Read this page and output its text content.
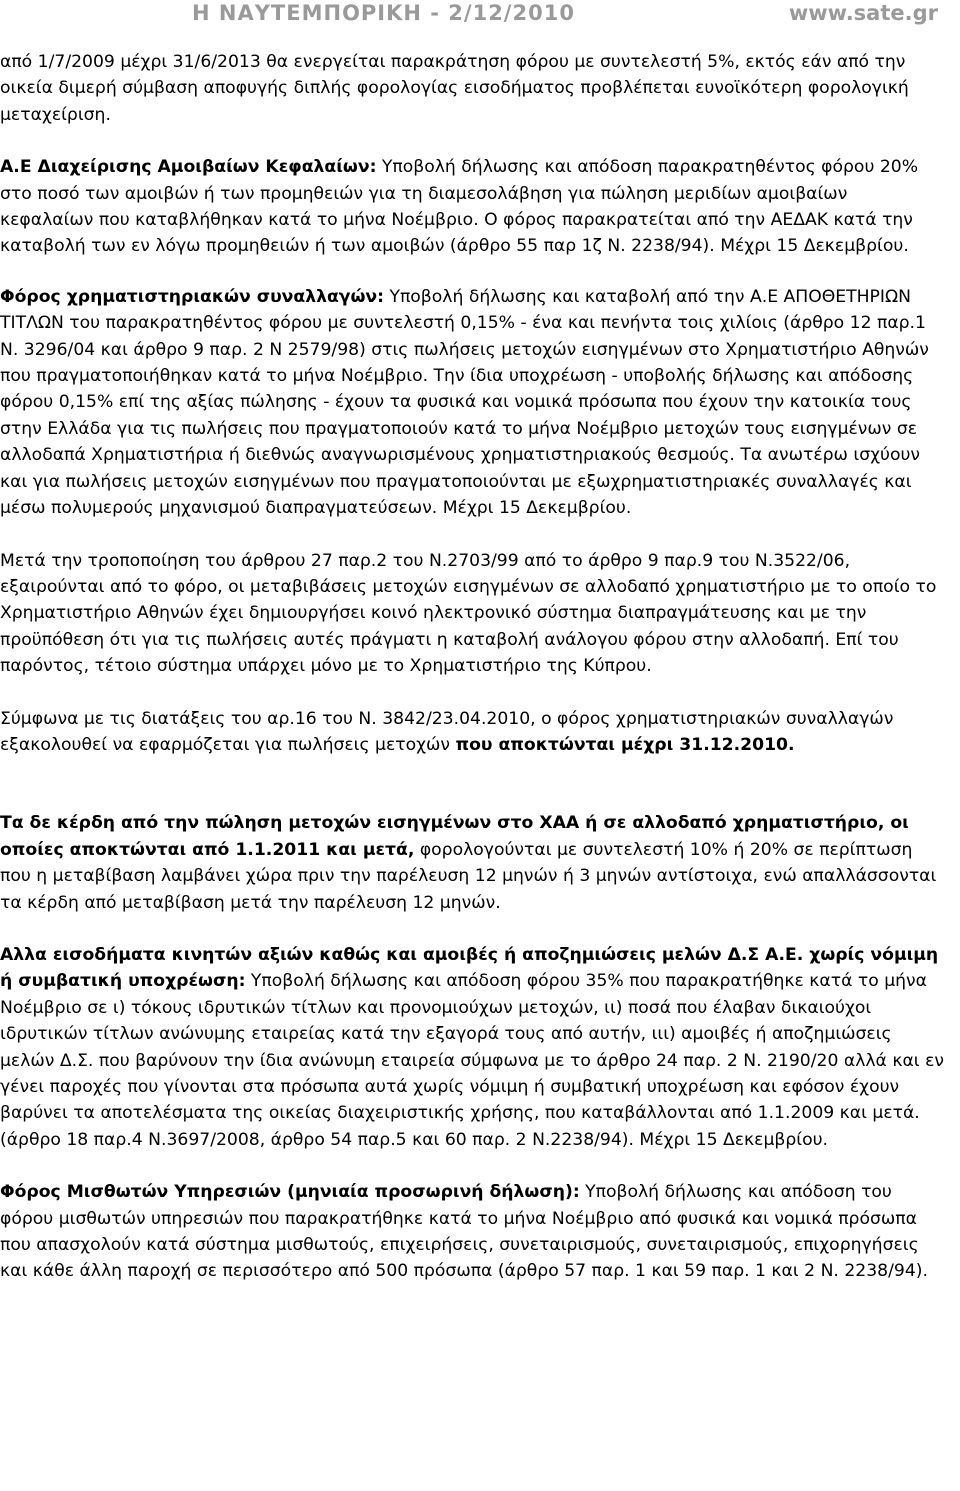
Η ΝΑΥΤΕΜΠΟΡΙΚΗ - 2/12/2010	www.sate.gr

από 1/7/2009 μέχρι 31/6/2013 θα ενεργείται παρακράτηση φόρου με συντελεστή 5%, εκτός εάν από την οικεία διμερή σύμβαση αποφυγής διπλής φορολογίας εισοδήματος προβλέπεται ευνοϊκότερη φορολογική μεταχείριση.

Α.Ε Διαχείρισης Αμοιβαίων Κεφαλαίων: Υποβολή δήλωσης και απόδοση παρακρατηθέντος φόρου 20% στο ποσό των αμοιβών ή των προμηθειών για τη διαμεσολάβηση για πώληση μεριδίων αμοιβαίων κεφαλαίων που καταβλήθηκαν κατά το μήνα Νοέμβριο. Ο φόρος παρακρατείται από την ΑΕΔΑΚ κατά την καταβολή των εν λόγω προμηθειών ή των αμοιβών (άρθρο 55 παρ 1ζ Ν. 2238/94). Μέχρι 15 Δεκεμβρίου.

Φόρος χρηματιστηριακών συναλλαγών: Υποβολή δήλωσης και καταβολή από την Α.Ε ΑΠΟΘΕΤΗΡΙΩΝ ΤΙΤΛΩΝ του παρακρατηθέντος φόρου με συντελεστή 0,15% - ένα και πενήντα τοις χιλίοις (άρθρο 12 παρ.1 Ν. 3296/04 και άρθρο 9 παρ. 2 Ν 2579/98) στις πωλήσεις μετοχών εισηγμένων στο Χρηματιστήριο Αθηνών που πραγματοποιήθηκαν κατά το μήνα Νοέμβριο. Την ίδια υποχρέωση - υποβολής δήλωσης και απόδοσης φόρου 0,15% επί της αξίας πώλησης - έχουν τα φυσικά και νομικά πρόσωπα που έχουν την κατοικία τους στην Ελλάδα για τις πωλήσεις που πραγματοποιούν κατά το μήνα Νοέμβριο μετοχών τους εισηγμένων σε αλλοδαπά Χρηματιστήρια ή διεθνώς αναγνωρισμένους χρηματιστηριακούς θεσμούς. Τα ανωτέρω ισχύουν και για πωλήσεις μετοχών εισηγμένων που πραγματοποιούνται με εξωχρηματιστηριακές συναλλαγές και μέσω πολυμερούς μηχανισμού διαπραγματεύσεων. Μέχρι 15 Δεκεμβρίου.

Μετά την τροποποίηση του άρθρου 27 παρ.2 του Ν.2703/99 από το άρθρο 9 παρ.9 του Ν.3522/06, εξαιρούνται από το φόρο, οι μεταβιβάσεις μετοχών εισηγμένων σε αλλοδαπό χρηματιστήριο με το οποίο το Χρηματιστήριο Αθηνών έχει δημιουργήσει κοινό ηλεκτρονικό σύστημα διαπραγμάτευσης και με την προϋπόθεση ότι για τις πωλήσεις αυτές πράγματι η καταβολή ανάλογου φόρου στην αλλοδαπή. Επί του παρόντος, τέτοιο σύστημα υπάρχει μόνο με το Χρηματιστήριο της Κύπρου.

Σύμφωνα με τις διατάξεις του αρ.16 του Ν. 3842/23.04.2010, ο φόρος χρηματιστηριακών συναλλαγών εξακολουθεί να εφαρμόζεται για πωλήσεις μετοχών που αποκτώνται μέχρι 31.12.2010.

Τα δε κέρδη από την πώληση μετοχών εισηγμένων στο ΧΑΑ ή σε αλλοδαπό χρηματιστήριο, οι οποίες αποκτώνται από 1.1.2011 και μετά, φορολογούνται με συντελεστή 10% ή 20% σε περίπτωση που η μεταβίβαση λαμβάνει χώρα πριν την παρέλευση 12 μηνών ή 3 μηνών αντίστοιχα, ενώ απαλλάσσονται τα κέρδη από μεταβίβαση μετά την παρέλευση 12 μηνών.

Αλλα εισοδήματα κινητών αξιών καθώς και αμοιβές ή αποζημιώσεις μελών Δ.Σ Α.Ε. χωρίς νόμιμη ή συμβατική υποχρέωση: Υποβολή δήλωσης και απόδοση φόρου 35% που παρακρατήθηκε κατά το μήνα Νοέμβριο σε ι) τόκους ιδρυτικών τίτλων και προνομιούχων μετοχών, ιι) ποσά που έλαβαν δικαιούχοι ιδρυτικών τίτλων ανώνυμης εταιρείας κατά την εξαγορά τους από αυτήν, ιιι) αμοιβές ή αποζημιώσεις μελών Δ.Σ. που βαρύνουν την ίδια ανώνυμη εταιρεία σύμφωνα με το άρθρο 24 παρ. 2 Ν. 2190/20 αλλά και εν γένει παροχές που γίνονται στα πρόσωπα αυτά χωρίς νόμιμη ή συμβατική υποχρέωση και εφόσον έχουν βαρύνει τα αποτελέσματα της οικείας διαχειριστικής χρήσης, που καταβάλλονται από 1.1.2009 και μετά. (άρθρο 18 παρ.4 Ν.3697/2008, άρθρο 54 παρ.5 και 60 παρ. 2 Ν.2238/94). Μέχρι 15 Δεκεμβρίου.

Φόρος Μισθωτών Υπηρεσιών (μηνιαία προσωρινή δήλωση): Υποβολή δήλωσης και απόδοση του φόρου μισθωτών υπηρεσιών που παρακρατήθηκε κατά το μήνα Νοέμβριο από φυσικά και νομικά πρόσωπα που απασχολούν κατά σύστημα μισθωτούς, επιχειρήσεις, συνεταιρισμούς, συνεταιρισμούς, επιχορηγήσεις και κάθε άλλη παροχή σε περισσότερο από 500 πρόσωπα (άρθρο 57 παρ. 1 και 59 παρ. 1 και 2 Ν. 2238/94).
